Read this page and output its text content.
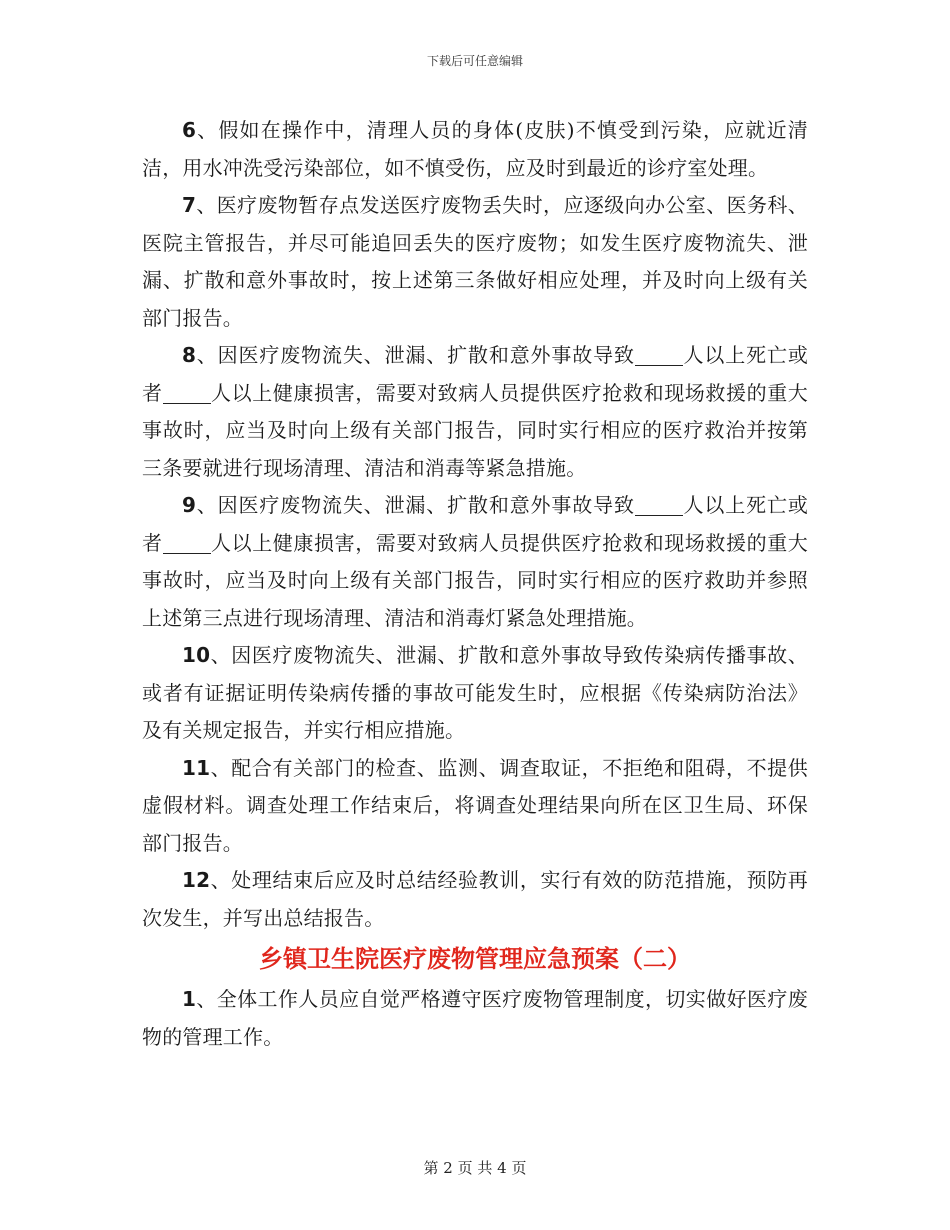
下载后可任意编辑

6、假如在操作中，清理人员的身体(皮肤)不慎受到污染，应就近清洁，用水冲洗受污染部位，如不慎受伤，应及时到最近的诊疗室处理。

7、医疗废物暂存点发送医疗废物丢失时，应逐级向办公室、医务科、医院主管报告，并尽可能追回丢失的医疗废物；如发生医疗废物流失、泄漏、扩散和意外事故时，按上述第三条做好相应处理，并及时向上级有关部门报告。

8、因医疗废物流失、泄漏、扩散和意外事故导致 人以上死亡或者 人以上健康损害，需要对致病人员提供医疗抢救和现场救援的重大事故时，应当及时向上级有关部门报告，同时实行相应的医疗救治并按第三条要就进行现场清理、清洁和消毒等紧急措施。

9、因医疗废物流失、泄漏、扩散和意外事故导致 人以上死亡或者 人以上健康损害，需要对致病人员提供医疗抢救和现场救援的重大事故时，应当及时向上级有关部门报告，同时实行相应的医疗救助并参照上述第三点进行现场清理、清洁和消毒灯紧急处理措施。

10、因医疗废物流失、泄漏、扩散和意外事故导致传染病传播事故、或者有证据证明传染病传播的事故可能发生时，应根据《传染病防治法》及有关规定报告，并实行相应措施。

11、配合有关部门的检查、监测、调查取证，不拒绝和阻碍，不提供虚假材料。调查处理工作结束后，将调查处理结果向所在区卫生局、环保部门报告。

12、处理结束后应及时总结经验教训，实行有效的防范措施，预防再次发生，并写出总结报告。

乡镇卫生院医疗废物管理应急预案（二）

1、全体工作人员应自觉严格遵守医疗废物管理制度，切实做好医疗废物的管理工作。

第 2 页 共 4 页
